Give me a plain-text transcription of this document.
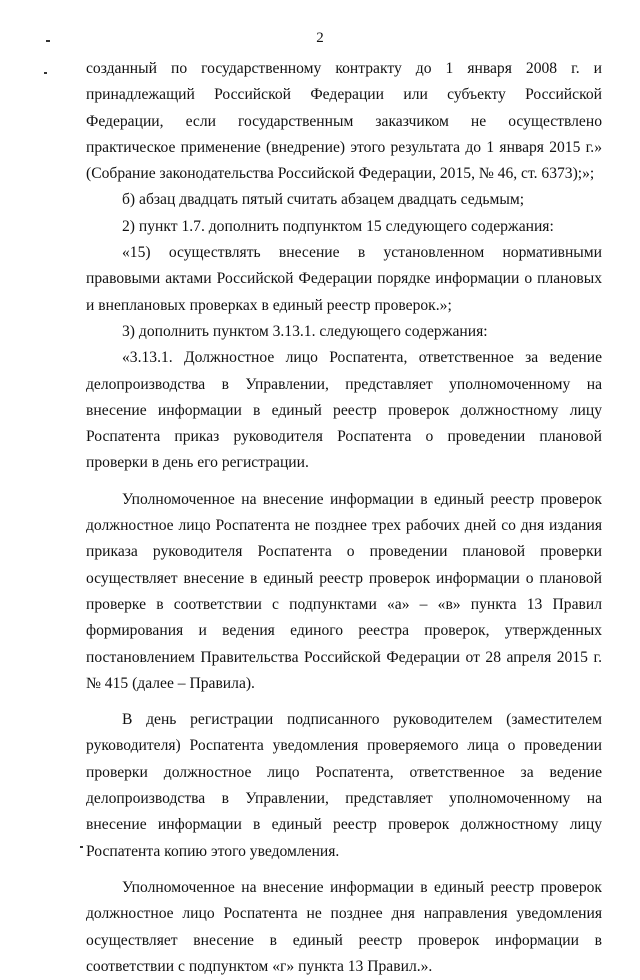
2

созданный по государственному контракту до 1 января 2008 г. и принадлежащий Российской Федерации или субъекту Российской Федерации, если государственным заказчиком не осуществлено практическое применение (внедрение) этого результата до 1 января 2015 г.» (Собрание законодательства Российской Федерации, 2015, № 46, ст. 6373);»;

б) абзац двадцать пятый считать абзацем двадцать седьмым;

2) пункт 1.7. дополнить подпунктом 15 следующего содержания:

«15) осуществлять внесение в установленном нормативными правовыми актами Российской Федерации порядке информации о плановых и внеплановых проверках в единый реестр проверок.»;

3) дополнить пунктом 3.13.1. следующего содержания:

«3.13.1. Должностное лицо Роспатента, ответственное за ведение делопроизводства в Управлении, представляет уполномоченному на внесение информации в единый реестр проверок должностному лицу Роспатента приказ руководителя Роспатента о проведении плановой проверки в день его регистрации.

Уполномоченное на внесение информации в единый реестр проверок должностное лицо Роспатента не позднее трех рабочих дней со дня издания приказа руководителя Роспатента о проведении плановой проверки осуществляет внесение в единый реестр проверок информации о плановой проверке в соответствии с подпунктами «а» – «в» пункта 13 Правил формирования и ведения единого реестра проверок, утвержденных постановлением Правительства Российской Федерации от 28 апреля 2015 г. № 415 (далее – Правила).

В день регистрации подписанного руководителем (заместителем руководителя) Роспатента уведомления проверяемого лица о проведении проверки должностное лицо Роспатента, ответственное за ведение делопроизводства в Управлении, представляет уполномоченному на внесение информации в единый реестр проверок должностному лицу Роспатента копию этого уведомления.

Уполномоченное на внесение информации в единый реестр проверок должностное лицо Роспатента не позднее дня направления уведомления осуществляет внесение в единый реестр проверок информации в соответствии с подпунктом «г» пункта 13 Правил.».
